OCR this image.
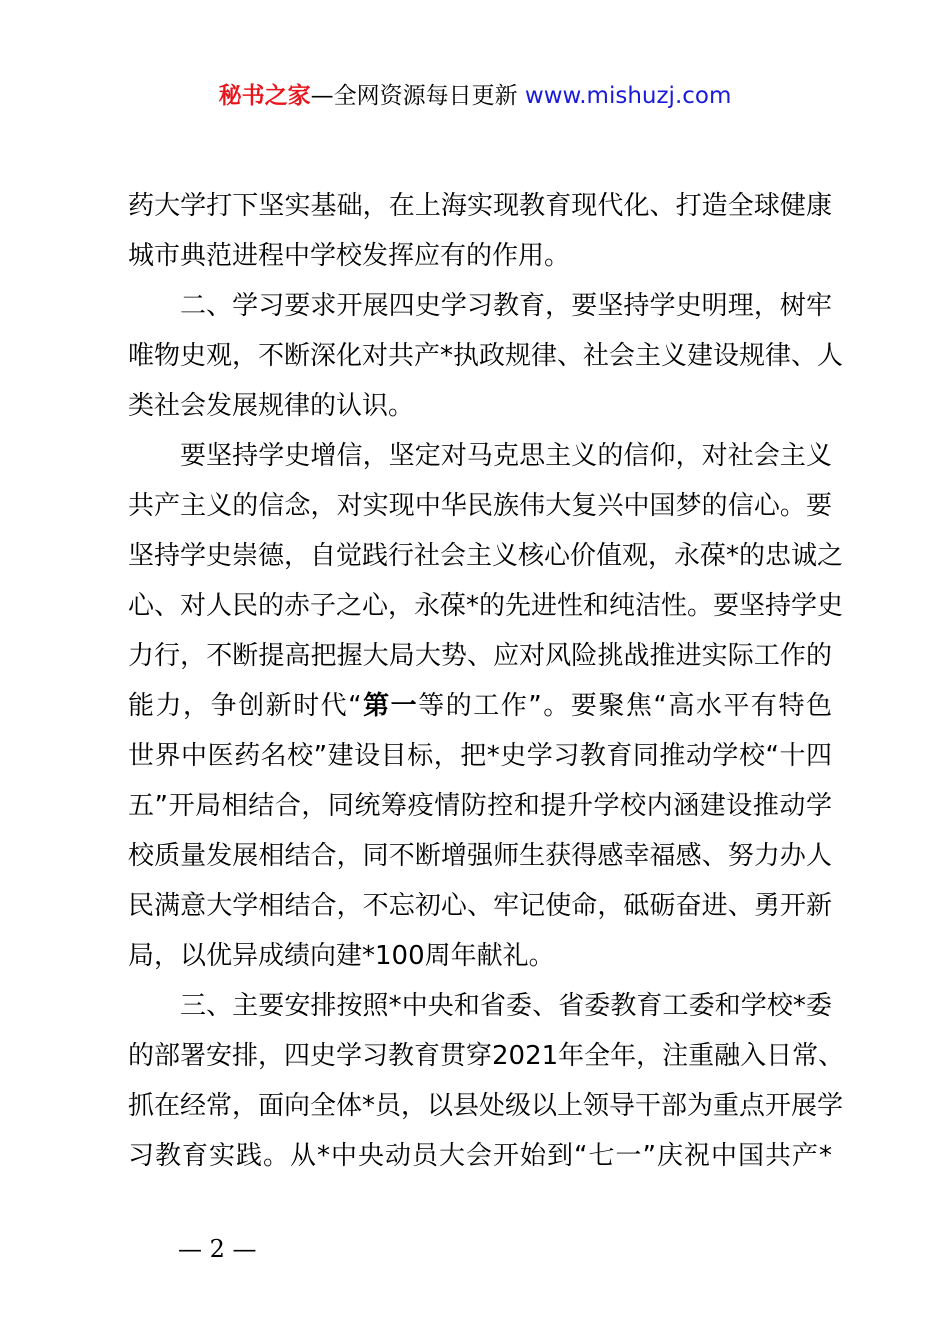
秘书之家—全网资源每日更新 www.mishuzj.com
药大学打下坚实基础，在上海实现教育现代化、打造全球健康
城市典范进程中学校发挥应有的作用。
二、学习要求开展四史学习教育，要坚持学史明理，树牢
唯物史观，不断深化对共产*执政规律、社会主义建设规律、人
类社会发展规律的认识。
要坚持学史增信，坚定对马克思主义的信仰，对社会主义
共产主义的信念，对实现中华民族伟大复兴中国梦的信心。要
坚持学史崇德，自觉践行社会主义核心价值观，永葆*的忠诚之
心、对人民的赤子之心，永葆*的先进性和纯洁性。要坚持学史
力行，不断提高把握大局大势、应对风险挑战推进实际工作的
能力，争创新时代“第一等的工作”。要聚焦“高水平有特色
世界中医药名校”建设目标，把*史学习教育同推动学校“十四
五”开局相结合，同统筹疫情防控和提升学校内涵建设推动学
校质量发展相结合，同不断增强师生获得感幸福感、努力办人
民满意大学相结合，不忘初心、牢记使命，砥砺奋进、勇开新
局，以优异成绩向建*100周年献礼。
三、主要安排按照*中央和省委、省委教育工委和学校*委
的部署安排，四史学习教育贯穿2021年全年，注重融入日常、
抓在经常，面向全体*员，以县处级以上领导干部为重点开展学
习教育实践。从*中央动员大会开始到“七一”庆祝中国共产*
— 2 —
